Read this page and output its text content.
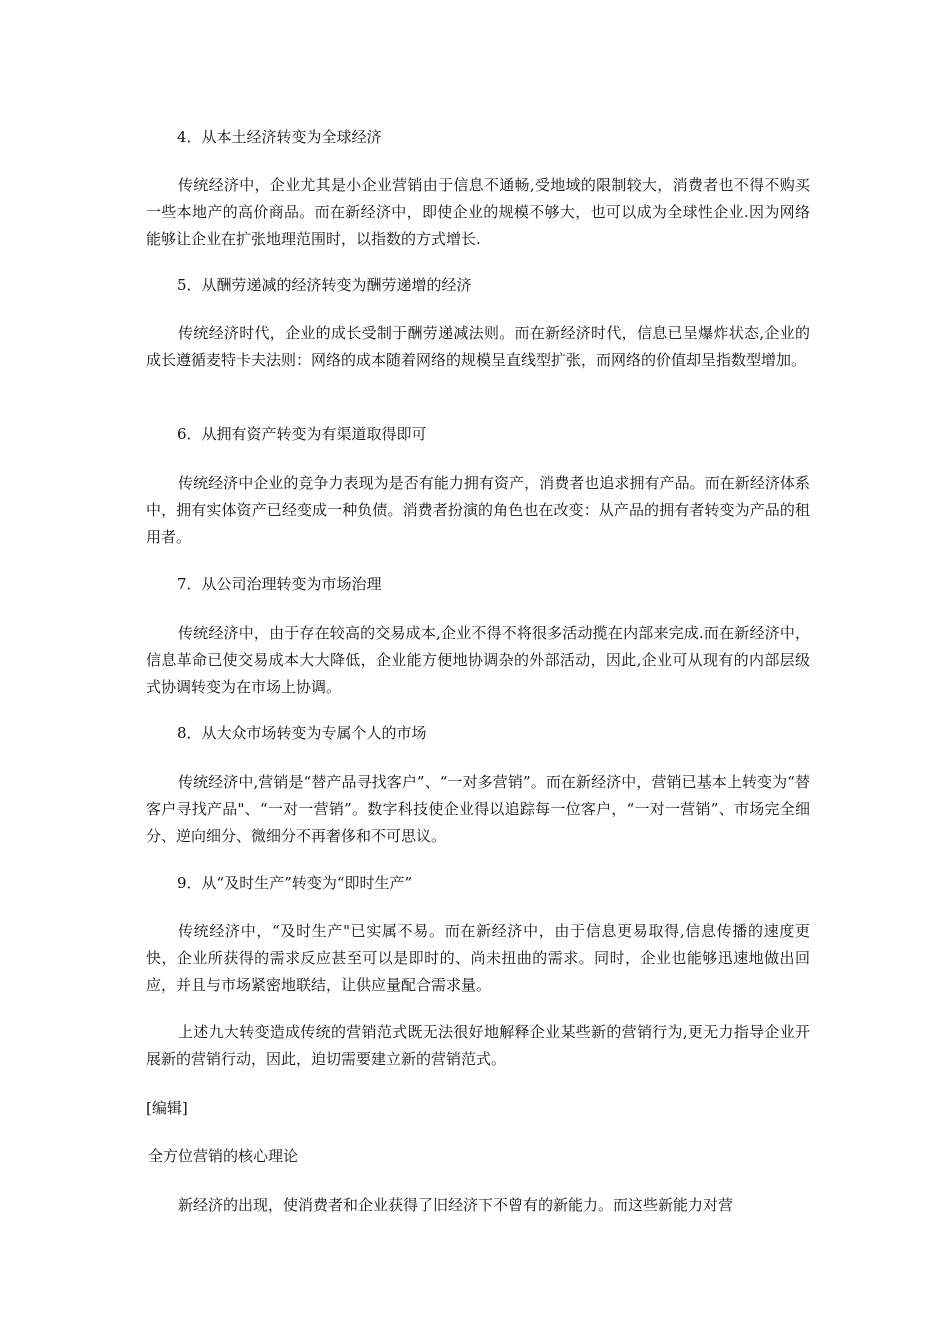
4．从本土经济转变为全球经济

传统经济中，企业尤其是小企业营销由于信息不通畅,受地域的限制较大，消费者也不得不购买一些本地产的高价商品。而在新经济中，即使企业的规模不够大，也可以成为全球性企业.因为网络能够让企业在扩张地理范围时，以指数的方式增长.

5．从酬劳递减的经济转变为酬劳递增的经济

传统经济时代，企业的成长受制于酬劳递减法则。而在新经济时代，信息已呈爆炸状态,企业的成长遵循麦特卡夫法则：网络的成本随着网络的规模呈直线型扩张，而网络的价值却呈指数型增加。

6．从拥有资产转变为有渠道取得即可

传统经济中企业的竞争力表现为是否有能力拥有资产，消费者也追求拥有产品。而在新经济体系中，拥有实体资产已经变成一种负债。消费者扮演的角色也在改变：从产品的拥有者转变为产品的租用者。

7．从公司治理转变为市场治理

传统经济中，由于存在较高的交易成本,企业不得不将很多活动揽在内部来完成.而在新经济中，信息革命已使交易成本大大降低，企业能方便地协调杂的外部活动，因此,企业可从现有的内部层级式协调转变为在市场上协调。

8．从大众市场转变为专属个人的市场

传统经济中,营销是“替产品寻找客户”、“一对多营销”。而在新经济中，营销已基本上转变为“替客户寻找产品"、“一对一营销”。数字科技使企业得以追踪每一位客户，“一对一营销”、市场完全细分、逆向细分、微细分不再奢侈和不可思议。

9．从“及时生产”转变为“即时生产”

传统经济中，“及时生产"已实属不易。而在新经济中，由于信息更易取得,信息传播的速度更快，企业所获得的需求反应甚至可以是即时的、尚未扭曲的需求。同时，企业也能够迅速地做出回应，并且与市场紧密地联结，让供应量配合需求量。

上述九大转变造成传统的营销范式既无法很好地解释企业某些新的营销行为,更无力指导企业开展新的营销行动，因此，迫切需要建立新的营销范式。

[编辑]

全方位营销的核心理论

新经济的出现，使消费者和企业获得了旧经济下不曾有的新能力。而这些新能力对营
